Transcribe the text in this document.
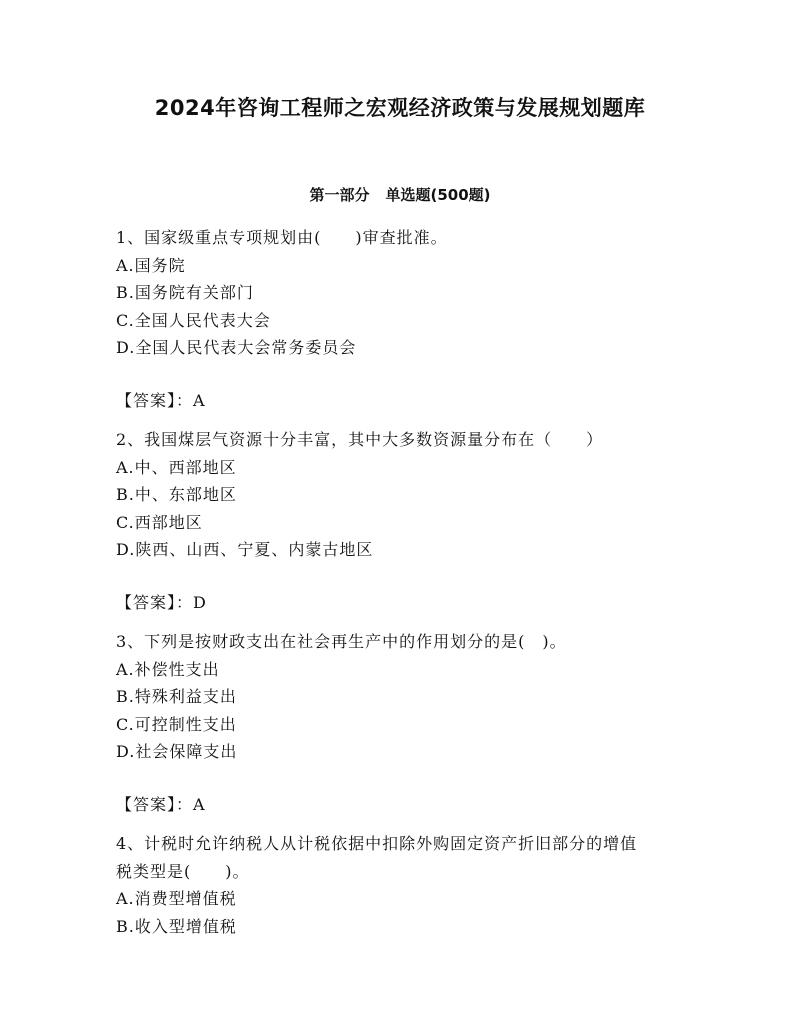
2024年咨询工程师之宏观经济政策与发展规划题库
第一部分 单选题(500题)
1、国家级重点专项规划由(　　)审查批准。
A.国务院
B.国务院有关部门
C.全国人民代表大会
D.全国人民代表大会常务委员会
【答案】：A
2、我国煤层气资源十分丰富，其中大多数资源量分布在（　　）
A.中、西部地区
B.中、东部地区
C.西部地区
D.陕西、山西、宁夏、内蒙古地区
【答案】：D
3、下列是按财政支出在社会再生产中的作用划分的是(　)。
A.补偿性支出
B.特殊利益支出
C.可控制性支出
D.社会保障支出
【答案】：A
4、计税时允许纳税人从计税依据中扣除外购固定资产折旧部分的增值
税类型是(　　)。
A.消费型增值税
B.收入型增值税
